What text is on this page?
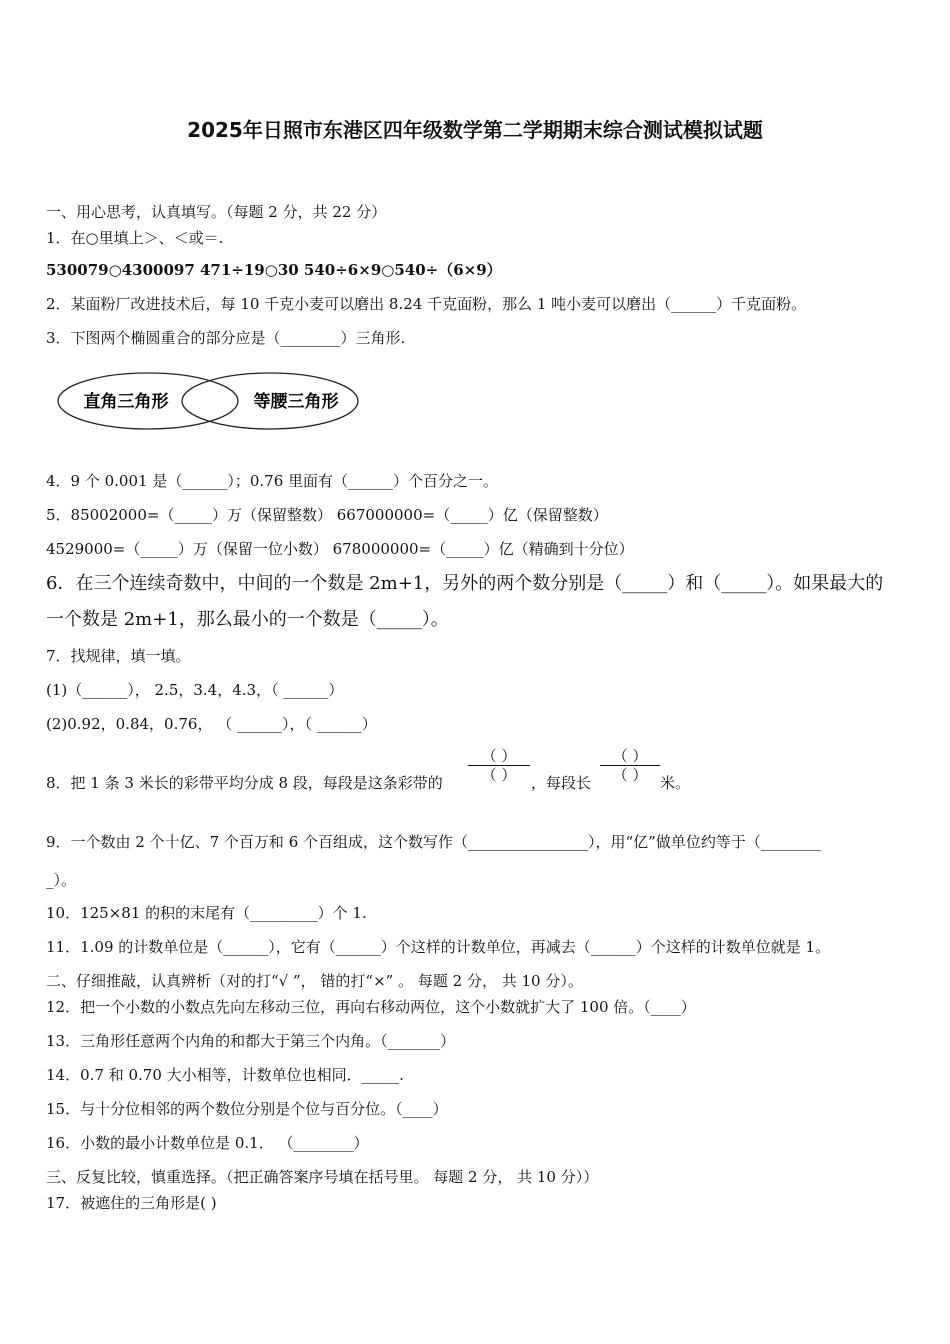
2025年日照市东港区四年级数学第二学期期末综合测试模拟试题
一、用心思考，认真填写。（每题 2 分，共 22 分）
1．在○里填上＞、＜或＝.
530079○4300097 471÷19○30 540÷6×9○540÷（6×9）
2．某面粉厂改进技术后，每 10 千克小麦可以磨出 8.24 千克面粉，那么 1 吨小麦可以磨出（______）千克面粉。
3．下图两个椭圆重合的部分应是（________）三角形.
直角三角形	等腰三角形
4．9 个 0.001 是（______）；0.76 里面有（______）个百分之一。
5．85002000=（_____）万（保留整数） 667000000=（_____）亿（保留整数）
4529000=（_____）万（保留一位小数） 678000000=（_____）亿（精确到十分位）
6．在三个连续奇数中，中间的一个数是 2m+1，另外的两个数分别是（_____）和（_____）。如果最大的
一个数是 2m+1，那么最小的一个数是（_____）。
7．找规律，填一填。
(1)（______）， 2.5，3.4，4.3，（ ______）
(2)0.92，0.84，0.76， （ ______），（ ______）
8．把 1 条 3 米长的彩带平均分成 8 段，每段是这条彩带的
（ ）
（ ） ，每段长
（ ）
（ ） 米。
9．一个数由 2 个十亿、7 个百万和 6 个百组成，这个数写作（________________），用“亿”做单位约等于（________
_）。
10．125×81 的积的末尾有（_________）个 1.
11．1.09 的计数单位是（______），它有（______）个这样的计数单位，再减去（______）个这样的计数单位就是 1。
二、仔细推敲，认真辨析（对的打“√ ”， 错的打“×” 。 每题 2 分， 共 10 分）。
12．把一个小数的小数点先向左移动三位，再向右移动两位，这个小数就扩大了 100 倍。（____）
13．三角形任意两个内角的和都大于第三个内角。（_______）
14．0.7 和 0.70 大小相等，计数单位也相同．_____.
15．与十分位相邻的两个数位分别是个位与百分位。（____）
16．小数的最小计数单位是 0.1． （________）
三、反复比较，慎重选择。（把正确答案序号填在括号里。 每题 2 分， 共 10 分））
17．被遮住的三角形是( )
